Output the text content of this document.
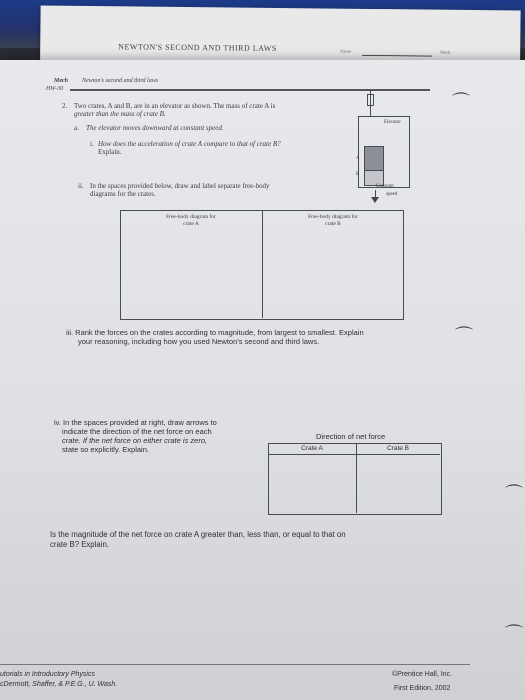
NEWTON'S SECOND AND THIRD LAWS	Name	Mech
Mech
HW-30
Newton's second and third laws
2. Two crates, A and B, are in an elevator as shown. The mass of crate A is
greater than the mass of crate B.
a. The elevator moves downward at constant speed.
i. How does the acceleration of crate A compare to that of crate B?
Explain.
ii. In the spaces provided below, draw and label separate free-body
diagrams for the crates.
Elevator
A
B
Constant
speed
Free-body diagram for
crate A
Free-body diagram for
crate B
iii. Rank the forces on the crates according to magnitude, from largest to smallest. Explain
your reasoning, including how you used Newton's second and third laws.
iv. In the spaces provided at right, draw arrows to
indicate the direction of the net force on each
crate. If the net force on either crate is zero,
state so explicitly. Explain.
Direction of net force
Crate A	Crate B
Is the magnitude of the net force on crate A greater than, less than, or equal to that on
crate B? Explain.
utorials in Introductory Physics
cDermott, Shaffer, & P.E.G., U. Wash.
©Prentice Hall, Inc.
First Edition, 2002
⌒
⌒
⌒
⌒
